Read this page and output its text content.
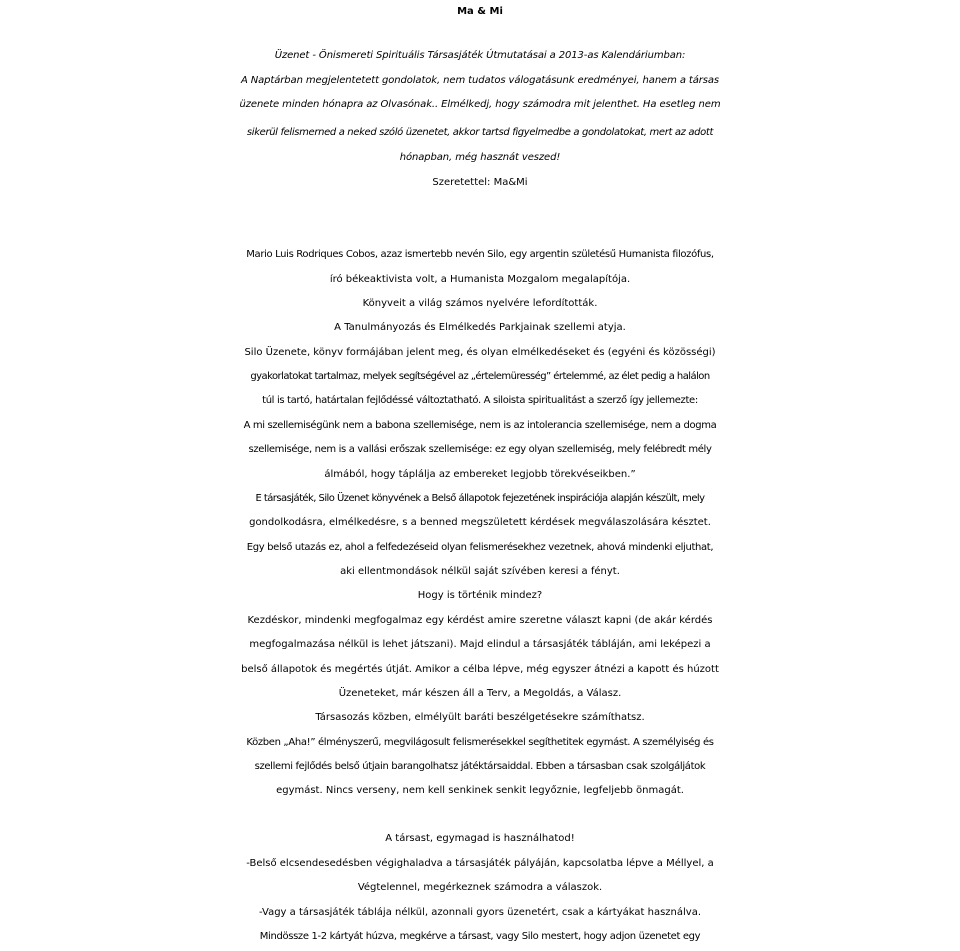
Ma & Mi
Üzenet - Önismereti Spirituális Társasjáték Útmutatásai a 2013-as Kalendáriumban:
A Naptárban megjelentetett gondolatok, nem tudatos válogatásunk eredményei, hanem a társas
üzenete minden hónapra az Olvasónak.. Elmélkedj, hogy számodra mit jelenthet. Ha esetleg nem
sikerül felismerned a neked szóló üzenetet, akkor tartsd figyelmedbe a gondolatokat, mert az adott
hónapban, még hasznát veszed!
Szeretettel: Ma&Mi
Mario Luis Rodriques Cobos, azaz ismertebb nevén Silo, egy argentin születésű Humanista filozófus,
író békeaktivista volt, a Humanista Mozgalom megalapítója.
Könyveit a világ számos nyelvére lefordították.
A Tanulmányozás és Elmélkedés Parkjainak szellemi atyja.
Silo Üzenete, könyv formájában jelent meg, és olyan elmélkedéseket és (egyéni és közösségi)
gyakorlatokat tartalmaz, melyek segítségével az „értelemüresség” értelemmé, az élet pedig a halálon
túl is tartó, határtalan fejlődéssé változtatható. A siloista spiritualitást a szerző így jellemezte:
A mi szellemiségünk nem a babona szellemisége, nem is az intolerancia szellemisége, nem a dogma
szellemisége, nem is a vallási erőszak szellemisége: ez egy olyan szellemiség, mely felébredt mély
álmából, hogy táplálja az embereket legjobb törekvéseikben.”
E társasjáték, Silo Üzenet könyvének a Belső állapotok fejezetének inspirációja alapján készült, mely
gondolkodásra, elmélkedésre, s a benned megszületett kérdések megválaszolására késztet.
Egy belső utazás ez, ahol a felfedezéseid olyan felismerésekhez vezetnek, ahová mindenki eljuthat,
aki ellentmondások nélkül saját szívében keresi a fényt.
Hogy is történik mindez?
Kezdéskor, mindenki megfogalmaz egy kérdést amire szeretne választ kapni (de akár kérdés
megfogalmazása nélkül is lehet játszani). Majd elindul a társasjáték tábláján, ami leképezi a
belső állapotok és megértés útját. Amikor a célba lépve, még egyszer átnézi a kapott és húzott
Üzeneteket, már készen áll a Terv, a Megoldás, a Válasz.
Társasozás közben, elmélyült baráti beszélgetésekre számíthatsz.
Közben „Aha!” élményszerű, megvilágosult felismerésekkel segíthetitek egymást. A személyiség és
szellemi fejlődés belső útjain barangolhatsz játéktársaiddal. Ebben a társasban csak szolgáljátok
egymást. Nincs verseny, nem kell senkinek senkit legyőznie, legfeljebb önmagát.
A társast, egymagad is használhatod!
-Belső elcsendesedésben végighaladva a társasjáték pályáján, kapcsolatba lépve a Méllyel, a
Végtelennel, megérkeznek számodra a válaszok.
-Vagy a társasjáték táblája nélkül, azonnali gyors üzenetért, csak a kártyákat használva.
Mindössze 1-2 kártyát húzva, megkérve a társast, vagy Silo mestert, hogy adjon üzenetet egy
